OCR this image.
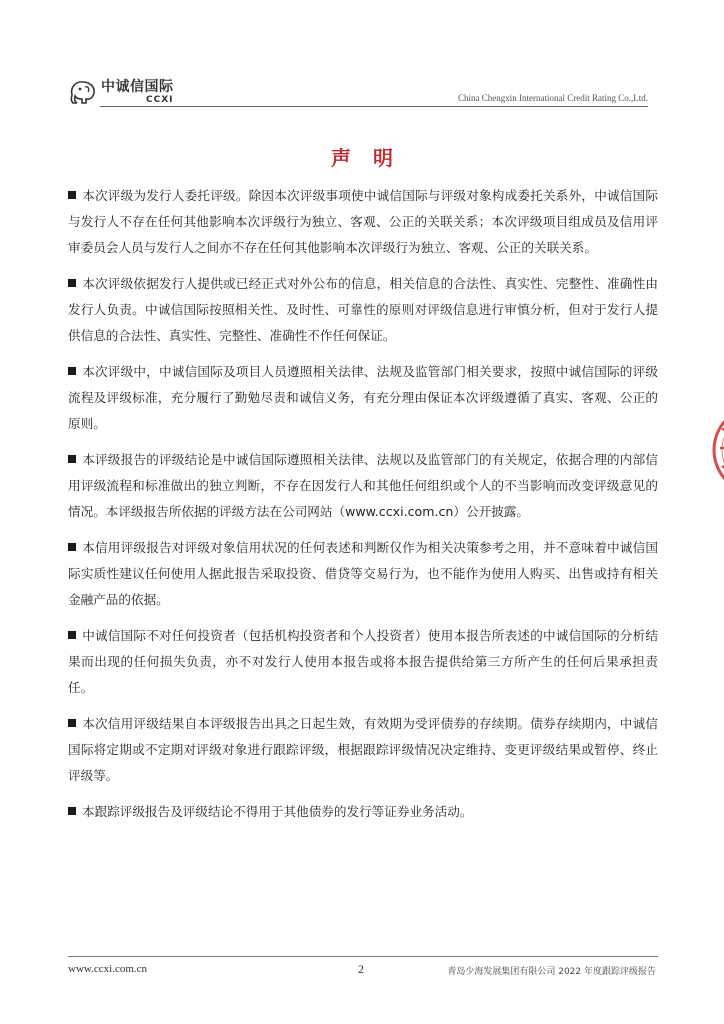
中诚信国际
CCXI	China Chengxin International Credit Rating Co.,Ltd.
声明

本次评级为发行人委托评级。除因本次评级事项使中诚信国际与评级对象构成委托关系外，中诚信国际与发行人不存在任何其他影响本次评级行为独立、客观、公正的关联关系；本次评级项目组成员及信用评审委员会人员与发行人之间亦不存在任何其他影响本次评级行为独立、客观、公正的关联关系。

本次评级依据发行人提供或已经正式对外公布的信息，相关信息的合法性、真实性、完整性、准确性由发行人负责。中诚信国际按照相关性、及时性、可靠性的原则对评级信息进行审慎分析，但对于发行人提供信息的合法性、真实性、完整性、准确性不作任何保证。

本次评级中，中诚信国际及项目人员遵照相关法律、法规及监管部门相关要求，按照中诚信国际的评级流程及评级标准，充分履行了勤勉尽责和诚信义务，有充分理由保证本次评级遵循了真实、客观、公正的原则。

本评级报告的评级结论是中诚信国际遵照相关法律、法规以及监管部门的有关规定，依据合理的内部信用评级流程和标准做出的独立判断，不存在因发行人和其他任何组织或个人的不当影响而改变评级意见的情况。本评级报告所依据的评级方法在公司网站（www.ccxi.com.cn）公开披露。

本信用评级报告对评级对象信用状况的任何表述和判断仅作为相关决策参考之用，并不意味着中诚信国际实质性建议任何使用人据此报告采取投资、借贷等交易行为，也不能作为使用人购买、出售或持有相关金融产品的依据。

中诚信国际不对任何投资者（包括机构投资者和个人投资者）使用本报告所表述的中诚信国际的分析结果而出现的任何损失负责，亦不对发行人使用本报告或将本报告提供给第三方所产生的任何后果承担责任。

本次信用评级结果自本评级报告出具之日起生效，有效期为受评债券的存续期。债券存续期内，中诚信国际将定期或不定期对评级对象进行跟踪评级，根据跟踪评级情况决定维持、变更评级结果或暂停、终止评级等。

本跟踪评级报告及评级结论不得用于其他债券的发行等证券业务活动。

www.ccxi.com.cn	2	青岛少海发展集团有限公司 2022 年度跟踪评级报告
